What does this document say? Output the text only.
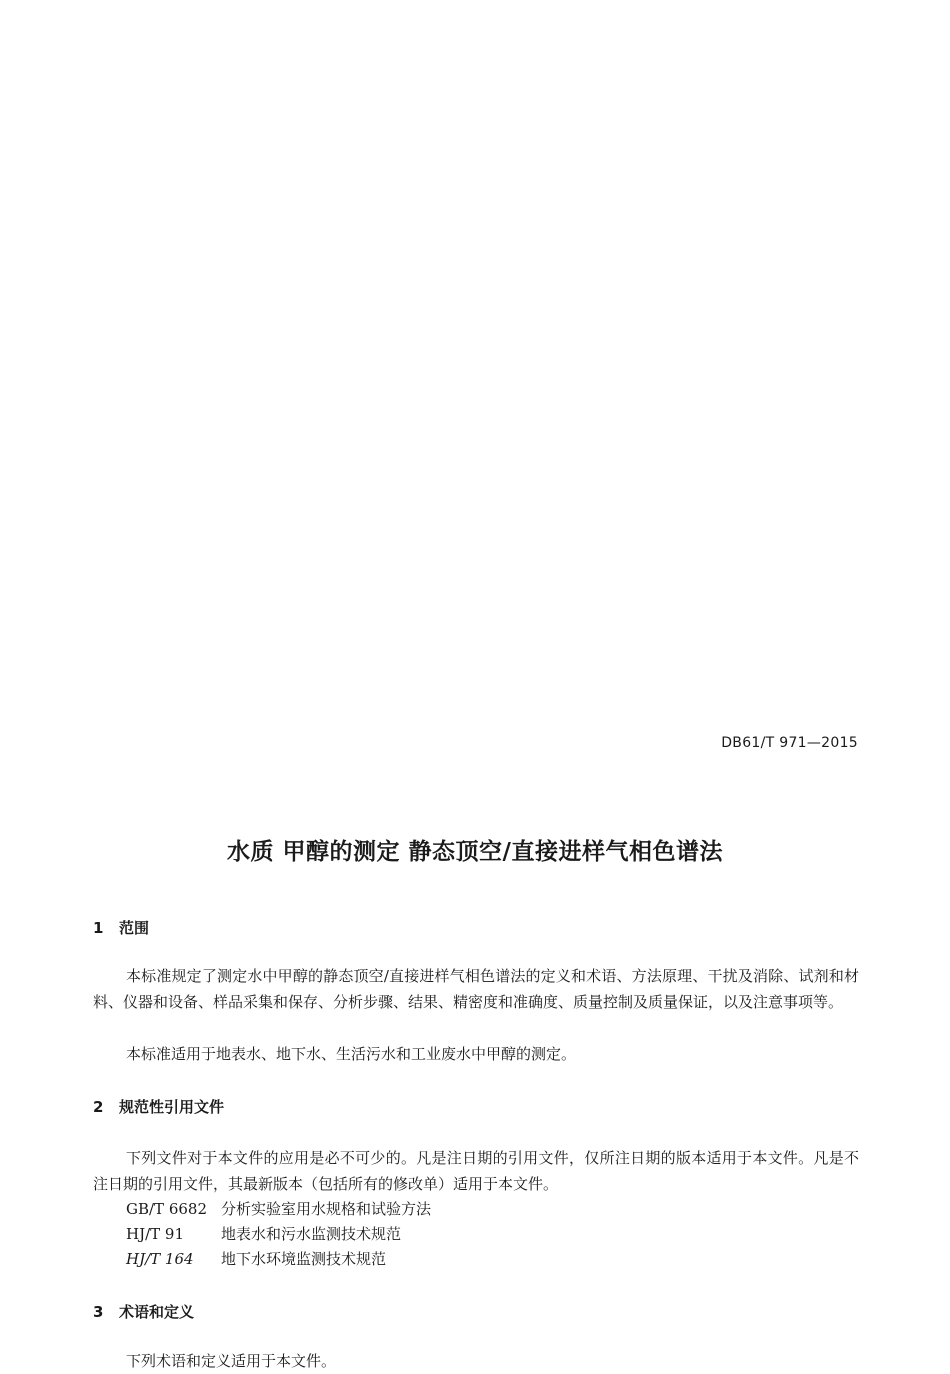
DB61/T 971—2015
水质 甲醇的测定 静态顶空/直接进样气相色谱法
1 范围

本标准规定了测定水中甲醇的静态顶空/直接进样气相色谱法的定义和术语、方法原理、干扰及消除、试剂和材料、仪器和设备、样品采集和保存、分析步骤、结果、精密度和准确度、质量控制及质量保证，以及注意事项等。

本标准适用于地表水、地下水、生活污水和工业废水中甲醇的测定。

2 规范性引用文件

下列文件对于本文件的应用是必不可少的。凡是注日期的引用文件，仅所注日期的版本适用于本文件。凡是不注日期的引用文件，其最新版本（包括所有的修改单）适用于本文件。

GB/T 6682 分析实验室用水规格和试验方法
HJ/T 91 地表水和污水监测技术规范
HJ/T 164 地下水环境监测技术规范
3 术语和定义

下列术语和定义适用于本文件。
